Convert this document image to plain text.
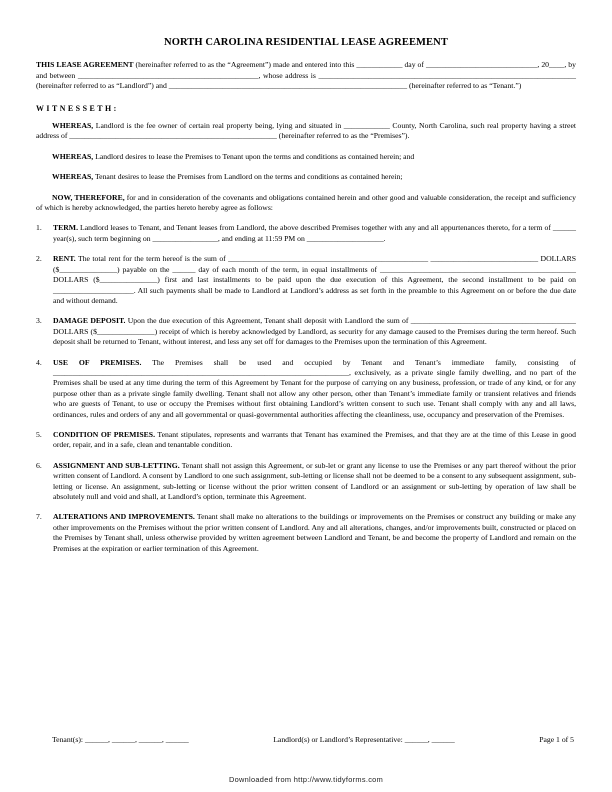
NORTH CAROLINA RESIDENTIAL LEASE AGREEMENT

THIS LEASE AGREEMENT (hereinafter referred to as the “Agreement”) made and entered into this ____________ day of _____________________________, 20____, by and between _______________________________________________, whose address is ___________________________________________________________________ (hereinafter referred to as “Landlord”) and ______________________________________________________________ (hereinafter referred to as “Tenant.”)

WITNESSETH:

WHEREAS, Landlord is the fee owner of certain real property being, lying and situated in ____________ County, North Carolina, such real property having a street address of ______________________________________________________ (hereinafter referred to as the “Premises”).

WHEREAS, Landlord desires to lease the Premises to Tenant upon the terms and conditions as contained herein; and

WHEREAS, Tenant desires to lease the Premises from Landlord on the terms and conditions as contained herein;

NOW, THEREFORE, for and in consideration of the covenants and obligations contained herein and other good and valuable consideration, the receipt and sufficiency of which is hereby acknowledged, the parties hereto hereby agree as follows:

1.	TERM. Landlord leases to Tenant, and Tenant leases from Landlord, the above described Premises together with any and all appurtenances thereto, for a term of ______ year(s), such term beginning on _________________, and ending at 11:59 PM on ____________________.
2.	RENT. The total rent for the term hereof is the sum of ____________________________________________________ ____________________________ DOLLARS ($_______________) payable on the ______ day of each month of the term, in equal installments of ___________________________________________________ DOLLARS ($_______________) first and last installments to be paid upon the due execution of this Agreement, the second installment to be paid on _____________________. All such payments shall be made to Landlord at Landlord’s address as set forth in the preamble to this Agreement on or before the due date and without demand.
3.	DAMAGE DEPOSIT. Upon the due execution of this Agreement, Tenant shall deposit with Landlord the sum of ___________________________________________ DOLLARS ($_______________) receipt of which is hereby acknowledged by Landlord, as security for any damage caused to the Premises during the term hereof. Such deposit shall be returned to Tenant, without interest, and less any set off for damages to the Premises upon the termination of this Agreement.
4.	USE OF PREMISES. The Premises shall be used and occupied by Tenant and Tenant’s immediate family, consisting of _____________________________________________________________________________, exclusively, as a private single family dwelling, and no part of the Premises shall be used at any time during the term of this Agreement by Tenant for the purpose of carrying on any business, profession, or trade of any kind, or for any purpose other than as a private single family dwelling. Tenant shall not allow any other person, other than Tenant’s immediate family or transient relatives and friends who are guests of Tenant, to use or occupy the Premises without first obtaining Landlord’s written consent to such use. Tenant shall comply with any and all laws, ordinances, rules and orders of any and all governmental or quasi-governmental authorities affecting the cleanliness, use, occupancy and preservation of the Premises.
5.	CONDITION OF PREMISES. Tenant stipulates, represents and warrants that Tenant has examined the Premises, and that they are at the time of this Lease in good order, repair, and in a safe, clean and tenantable condition.
6.	ASSIGNMENT AND SUB-LETTING. Tenant shall not assign this Agreement, or sub-let or grant any license to use the Premises or any part thereof without the prior written consent of Landlord. A consent by Landlord to one such assignment, sub-letting or license shall not be deemed to be a consent to any subsequent assignment, sub-letting or license. An assignment, sub-letting or license without the prior written consent of Landlord or an assignment or sub-letting by operation of law shall be absolutely null and void and shall, at Landlord’s option, terminate this Agreement.
7.	ALTERATIONS AND IMPROVEMENTS. Tenant shall make no alterations to the buildings or improvements on the Premises or construct any building or make any other improvements on the Premises without the prior written consent of Landlord. Any and all alterations, changes, and/or improvements built, constructed or placed on the Premises by Tenant shall, unless otherwise provided by written agreement between Landlord and Tenant, be and become the property of Landlord and remain on the Premises at the expiration or earlier termination of this Agreement.
Tenant(s): ______, ______, ______, ______	Landlord(s) or Landlord’s Representative: ______, ______	Page 1 of 5
Downloaded from http://www.tidyforms.com
